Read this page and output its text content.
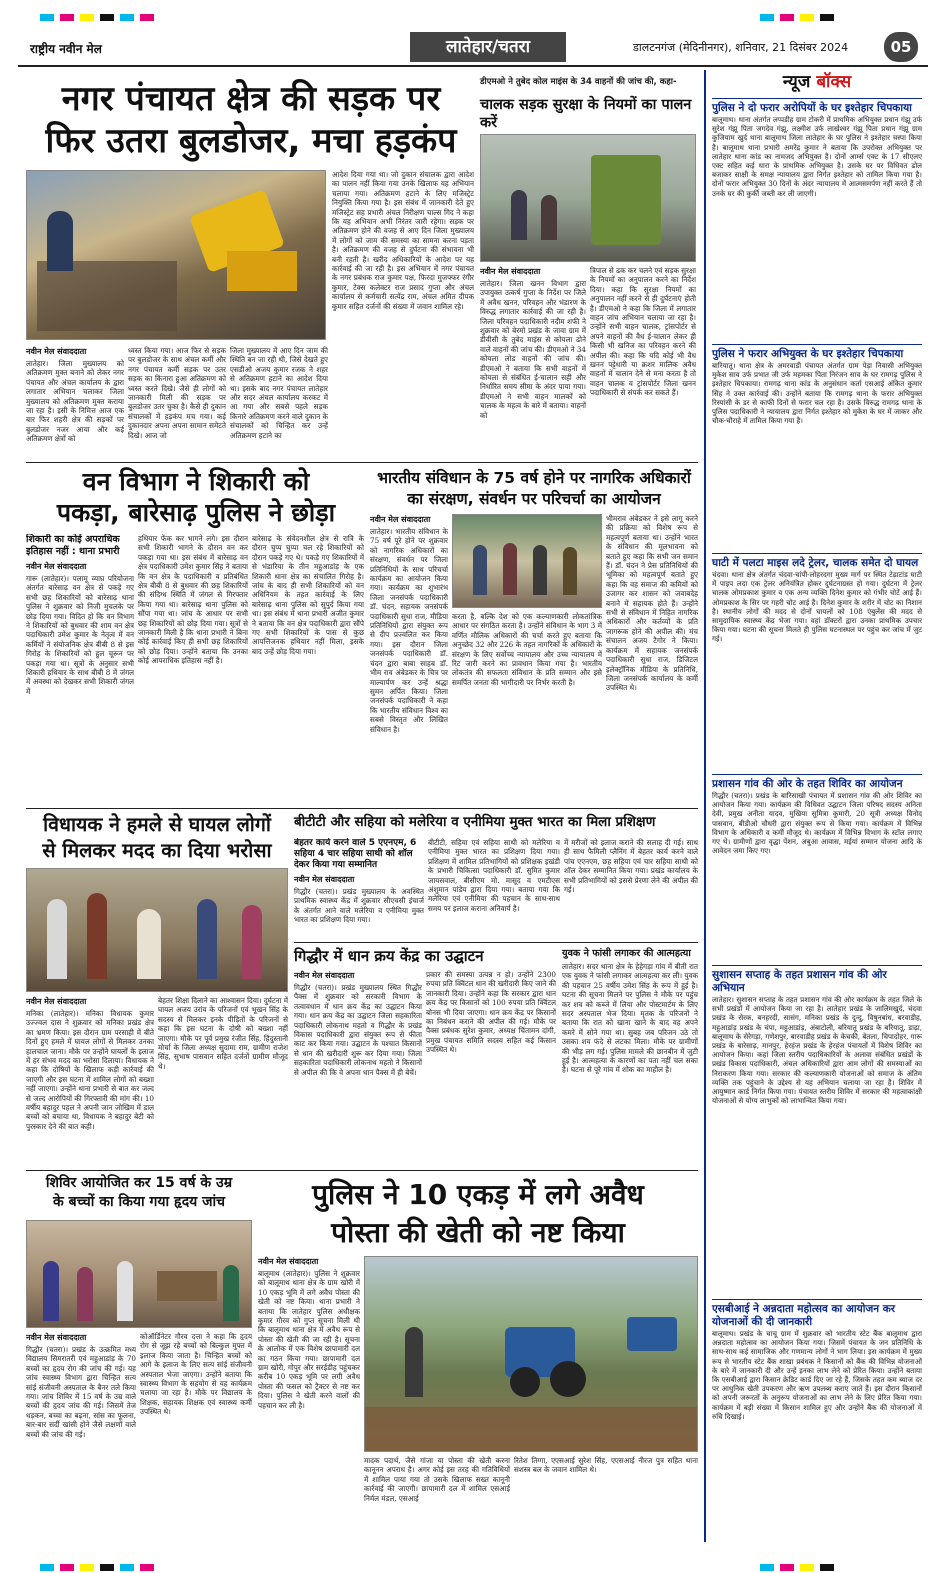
राष्ट्रीय नवीन मेल	लातेहार/चतरा	डालटनगंज (मेदिनीनगर), शनिवार, 21 दिसंबर 2024	05
नगर पंचायत क्षेत्र की सड़क पर
फिर उतरा बुलडोजर, मचा हड़कंप
नवीन मेल संवाददाता
लातेहार। जिला मुख्यालय को अतिक्रमण मुक्त बनाने को लेकर नगर पंचायत और अंचल कार्यालय के द्वारा लगातार अभियान चलाकर जिला मुख्यालय को अतिक्रमण मुक्त कराया जा रहा है। इसी के निमित्त आज एक बार फिर शहरी क्षेत्र की सड़कों पर बुलडोजर नजर आया और कई अतिक्रमण क्षेत्रों को
ध्वस्त किया गया। आज फिर से सड़क पर बुलडोजर के साथ अंचल कर्मी और नगर पंचायत कर्मी सड़क पर उतर सड़क का किनारा हुआ अतिक्रमण को ध्वस्त करते दिखे। जैसे ही लोगों को जानकारी मिली की सड़क पर बुलडोजर उतर चुका है। कैसे ही दुकान संचालकों में हड़कंप मच गया। कई दुकानदार अपना अपना सामान समेटते दिखे। आज जो
जिला मुख्यालय में आए दिन जाम की स्थिति बन जा रही थी, जिसे देखते हुए एसडीओ अजय कुमार रजक ने शहर से अतिक्रमण हटाने का आदेश दिया था। इसके बाद नगर पंचायत लातेहार और सदर अंचल कार्यालय करकट में आ गया और सबसे पहले सड़क किनारे अतिक्रमण करने वाले दुकान के संचालकों को चिन्हित कर उन्हें अतिक्रमण हटाने का
आदेश दिया गया था। जो दुकान संचालक द्वारा आदेश का पालन नहीं किया गया उनके खिलाफ यह अभियान चलाया गया। अतिक्रमण हटाने के लिए मजिस्ट्रेट नियुक्ति किया गया है। इस संबंध में जानकारी देते हुए मजिस्ट्रेट सह प्रभारी अंचल निरीक्षण चाल्स गिद ने कहा कि यह अभियान अभी निरंतर जारी रहेगा। सड़क पर अतिक्रमण होने की वजह से आए दिन जिला मुख्यालय में लोगों को जाम की समस्या का सामना करना पड़ता है। अतिक्रमण की वजह से दुर्घटना की संभावना भी बनी रहती है। खरीद अधिकारियों के आदेश पर यह कार्रवाई की जा रही है। इस अभियान में नगर पंचायत के नगर प्रबंधक राज कुमार पक्ष, फिरदा मुजफ्फर रंगीर कुमार, टेक्स कलेक्टर राज प्रसाद गुप्ता और अंचल कार्यालय से कर्मचारी सत्येंद्र राम, अंचल अमित दीपक कुमार सहित दर्जनों की संख्या में जवान शामिल रहे।
डीएमओ ने तुबेद कोल माइंस के 34 वाहनों की जांच की, कहा-
चालक सड़क सुरक्षा के नियमों का पालन करें
नवीन मेल संवाददाता
लातेहार। जिला खनन विभाग द्वारा उपायुक्त उत्कर्ष गुप्ता के निर्देश पर जिले में अवैध खनन, परिवहन और भंडारण के विरुद्ध लगातार कार्रवाई की जा रही है। जिला परिवहन पदाधिकारी नदीम शफी ने शुक्रवार को बेरमो प्रखंड के जावा ग्राम में डीवीसी के तुबेद माइंस से कोयला ढोने वाले वाहनों की जांच की। डीएमओ ने 34 कोयला लोड वाहनों की जांच की। डीएमओ ने बताया कि सभी वाहनों में कोयला से संबंधित ई-चालान सही और निर्धारित समय सीमा के अंदर पाया गया। डीएमओ ने सभी वाहन मालकों को चालक के महत्व के बारे में बताया। वाहनों को
त्रिपाल से ढक कर चलने एवं सड़क सुरक्षा के नियमों का अनुपालन करने का निर्देश दिया। कहा कि सुरक्षा नियमों का अनुपालन नहीं करने से ही दुर्घटनाएं होती है। डीएमओ ने कहा कि जिला में लगातार वाहन जांच अभियान चलाया जा रहा है। उन्होंने सभी वाहन चालक, ट्रांसपोर्टर से अपने वाहनों की वैध ई-चालान लेकर ही किसी भी खनिज का परिवहन करने की अपील की। कहा कि यदि कोई भी वैध खनन पट्टेधारी या क्रशर मालिक अवैध वाहनों में चालान देने से मना करता है तो वाहन चालक व ट्रांसपोर्टर जिला खनन पदाधिकारी से संपर्क कर सकते हैं।
वन विभाग ने शिकारी को
पकड़ा, बारेसाढ़ पुलिस ने छोड़ा
शिकारी का कोई अपराधिक इतिहास नहीं : थाना प्रभारी
नवीन मेल संवाददाता
गारू (लातेहार)। पलामू व्याघ्र परियोजना अंतर्गत बारेसाढ़ वन क्षेत्र से पकड़े गए सभी छह शिकारियों को बारेसाढ़ थाना पुलिस ने शुक्रवार को निजी मुचलके पर छोड़ दिया गया। विदित हो कि वन विभाग ने शिकारियों को बुधवार की शाम वन क्षेत्र पदाधिकारी उमेश कुमार के नेतृत्व में वन कर्मियों ने संयोजनिक क्षेत्र बीबी 8 से इस गिरोह के शिकारियों को हुल चूरून पर पकड़ा गया था। सूत्रों के अनुसार सभी शिकारी हथियार के साथ बीबी 8 में जंगल में अवस्था को देखकर सभी शिकारी जंगल में
हथियार फेंक कर भागने लगे। इस दौरान सभी शिकारी भागने के दौरान वन कर पकड़ा गया था। इस संबंध में बारेसाढ़ वन क्षेत्र पदाधिकारी उमेश कुमार सिंह ने बताया कि वन क्षेत्र के पदाधिकारी व प्रतिबंधित क्षेत्र बीबी 8 से बुधवार की छह शिकारियों की संदिग्ध स्थिति में जंगल से गिरफ्तार किया गया था। बारेसाढ़ थाना पुलिस को सौंपा गया था। जांच के आधार पर सभी छह शिकारियों को छोड़ दिया गया। सूत्रों से जानकारी मिली है कि थाना प्रभारी ने बिना कोई कार्रवाई किए ही सभी छह शिकारियों को छोड़ दिया। उन्होंने बताया कि उनका कोई आपराधिक इतिहास नहीं है।
बारेसाढ़ के संवेदनशील क्षेत्र से रात्रि के दौरान चुप्प चुप्पा चल रहे शिकारियों को दौरान पकड़े गए थे। पकड़े गए शिकारियों में से भंडारिया के तीन महुआडांड़ के एक शिकारी थाना क्षेत्र का संचालित गिरोह है। जांच के बाद ही सभी शिकारियों को वन अधिनियम के तहत कार्रवाई के लिए बारेसाढ़ थाना पुलिस को सुपुर्द किया गया था। इस संबंध में थाना प्रभारी अजीत कुमार ने बताया कि वन क्षेत्र पदाधिकारी द्वारा सौंपे गए सभी शिकारियों के पास से कुछ आपत्तिजनक हथियार नहीं मिला, इसके बाद उन्हें छोड़ दिया गया।
भारतीय संविधान के 75 वर्ष होने पर नागरिक अधिकारों
का संरक्षण, संवर्धन पर परिचर्चा का आयोजन
नवीन मेल संवाददाता
लातेहार। भारतीय संविधान के 75 वर्ष पूरे होने पर शुक्रवार को नागरिक अधिकारों का संरक्षण, संवर्धन पर जिला प्रतिनिधियों के साथ परिचर्चा कार्यक्रम का आयोजन किया गया। कार्यक्रम का शुभारंभ जिला जनसंपर्क पदाधिकारी डॉ. चंदन, सहायक जनसंपर्क पदाधिकारी सुधा राज, मीडिया प्रतिनिधियों द्वारा संयुक्त रूप से दीप प्रज्वलित कर किया गया। इस दौरान जिला जनसंपर्क पदाधिकारी डॉ. चंदन द्वारा बाबा साहब डॉ. भीम राव अंबेडकर के चित्र पर माल्यार्पण कर उन्हें श्रद्धा सुमन अर्पित किया। जिला जनसंपर्क पदाधिकारी ने कहा कि भारतीय संविधान विश्व का सबसे विस्तृत और लिखित संविधान है।
करता है, बल्कि देश को एक कल्याणकारी लोकतांत्रिक आधार पर संगठित करता है। उन्होंने संविधान के भाग 3 में वर्णित मौलिक अधिकारों की चर्चा करते हुए बताया कि अनुच्छेद 32 और 226 के तहत नागरिकों के अधिकारों के संरक्षण के लिए सर्वोच्च न्यायालय और उच्च न्यायालय में रिट जारी करने का प्रावधान किया गया है। भारतीय लोकतंत्र की सफलता संविधान के प्रति सम्मान और इसे समर्पित जनता की भागीदारी पर निर्भर करती है।
भीमराव अंबेडकर ने इसे लागू करने की प्रक्रिया को विशेष रूप से महत्वपूर्ण बताया था। उन्होंने भारत के संविधान की मूलभावना को बताते हुए कहा कि सभी जन समान हैं। डॉ. चंदन ने प्रेस प्रतिनिधियों की भूमिका को महत्वपूर्ण बताते हुए कहा कि वह समाज की कमियों को उजागर कर शासन को जवाबदेह बनाने में सहायक होते हैं। उन्होंने सभी से संविधान में निहित नागरिक अधिकारों और कर्तव्यों के प्रति जागरूक होने की अपील की। मंच संचालन अजय टैगोर ने किया। कार्यक्रम में सहायक जनसंपर्क पदाधिकारी सुधा राज, डिजिटल इलेक्ट्रॉनिक मीडिया के प्रतिनिधि, जिला जनसंपर्क कार्यालय के कर्मी उपस्थित थे।
विधायक ने हमले से घायल लोगों
से मिलकर मदद का दिया भरोसा
नवीन मेल संवाददाता
मनिका (लातेहार)। मनिका विधायक कुमार उज्ज्वल दास ने शुक्रवार को मनिका प्रखंड क्षेत्र का भ्रमण किया। इस दौरान ग्राम परसाही में बीते दिनों हुए हमले में घायल लोगों से मिलकर उनका हालचाल जाना। मौके पर उन्होंने घायलों के इलाज में हर संभव मदद का भरोसा दिलाया। विधायक ने कहा कि दोषियों के खिलाफ कड़ी कार्रवाई की जाएगी और इस घटना में शामिल लोगों को बख्शा नहीं जाएगा। उन्होंने थाना प्रभारी से बात कर जल्द से जल्द आरोपियों की गिरफ्तारी की मांग की। 10 वर्षीय बहादुर पहल ने अपनी जान जोखिम में डाल बच्चों को बचाया था, विधायक ने बहादुर बेटी को पुरस्कार देने की बात कही।
बेहतर शिक्षा दिलाने का आश्वासन दिया। दुर्घटना में घायल अजय उरांव के परिजनों एवं भूखन सिंह के सदस्य से मिलकर इनके पीड़ितों के परिजनों से कहा कि इस घटना के दोषी को बख्शा नहीं जाएगा। मौके पर पूर्व प्रमुख रंजीत सिंह, हिंदुस्तानी मोर्चा के जिला अध्यक्ष सुदामा राम, ग्रामीण राजेश सिंह, सुभाष पासवान सहित दर्जनों ग्रामीण मौजूद थे।
बीटीटी और सहिया को मलेरिया व एनीमिया मुक्त भारत का मिला प्रशिक्षण
बेहतर कार्य करने वाले 5 एएनएम, 6 सहिया 4 चार सहिया साथी को शॉल देकर किया गया सम्मानित
नवीन मेल संवाददाता
गिद्धौर (चतरा)। प्रखंड मुख्यालय के अवस्थित प्राथमिक स्वास्थ्य केंद्र में शुक्रवार सीएचसी इंचार्ज के अंतर्गत आने वाले मलेरिया व एनीमिया मुक्त भारत का प्रशिक्षण दिया गया।
बीटीटी, सहिया एवं सहिया साथी को मलेरिया व एनीमिया मुक्त भारत का प्रशिक्षण दिया गया। प्रशिक्षण में शामिल प्रतिभागियों को प्रशिक्षक इखंडी के प्रभारी चिकित्सा पदाधिकारी डॉ. सुमित कुमार जायसवाल, बीसीएम मो. मासूद व एमटीएस अंशुमान पांडेय द्वारा दिया गया। बताया गया कि मलेरिया एवं एनीमिया की पहचान के साथ-साथ समय पर इलाज कराना अनिवार्य है।
में मरीजों को इलाज कराने की सलाह दी गई। साथ ही साथ फैमिली प्लैनिंग में बेहतर कार्य करने वाले पांच एएनएम, छह सहिया एवं चार सहिया साथी को शॉल देकर सम्मानित किया गया। प्रखंड कार्यालय के सभी प्रतिभागियों को इससे प्रेरणा लेने की अपील की गई।
गिद्धौर में धान क्रय केंद्र का उद्घाटन
नवीन मेल संवाददाता
गिद्धौर (चतरा)। प्रखंड मुख्यालय स्थित गिद्धौर पैक्स में शुक्रवार को सरकारी विभाग के तत्वावधान में धान क्रय केंद्र का उद्घाटन किया गया। धान क्रय केंद्र का उद्घाटन जिला सहकारिता पदाधिकारी लोकनाथ महतो व गिद्धौर के प्रखंड विकास पदाधिकारी द्वारा संयुक्त रूप से फीता काट कर किया गया। उद्घाटन के पश्चात किसानों से धान की खरीदारी शुरू कर दिया गया। जिला सहकारिता पदाधिकारी लोकनाथ महतो ने किसानों से अपील की कि वे अपना धान पैक्स में ही बेचें।
प्रकार की समस्या उत्पन्न न हो। उन्होंने 2300 रुपया प्रति क्विंटल धान की खरीदारी किए जाने की जानकारी दिया। उन्होंने कहा कि सरकार द्वारा धान क्रय केंद्र पर किसानों को 100 रुपया प्रति क्विंटल बोनस भी दिया जाएगा। धान क्रय केंद्र पर किसानों का निबंधन कराने की अपील की गई। मौके पर पैक्स प्रबंधक सुरेश कुमार, अध्यक्ष चिंतामन दांगी, प्रमुख पंचायत समिति सदस्य सहित कई किसान उपस्थित थे।
युवक ने फांसी लगाकर की आत्महत्या
लातेहार। सदर थाना क्षेत्र के हेहेगड़ा गांव में बीती रात एक युवक ने फांसी लगाकर आत्महत्या कर ली। युवक की पहचान 25 वर्षीय उमेश सिंह के रूप में हुई है। घटना की सूचना मिलने पर पुलिस ने मौके पर पहुंच कर शव को कब्जे में लिया और पोस्टमार्टम के लिए सदर अस्पताल भेज दिया। मृतक के परिजनों ने बताया कि रात को खाना खाने के बाद वह अपने कमरे में सोने गया था। सुबह जब परिजन उठे तो उसका शव फंदे से लटका मिला। मौके पर ग्रामीणों की भीड़ लग गई। पुलिस मामले की छानबीन में जुटी हुई है। आत्महत्या के कारणों का पता नहीं चल सका है। घटना से पूरे गांव में शोक का माहौल है।
शिविर आयोजित कर 15 वर्ष के उम्र
के बच्चों का किया गया हृदय जांच
नवीन मेल संवाददाता
गिद्धौर (चतरा)। प्रखंड के उत्क्रमित मध्य विद्यालय सिमरातरी एवं महुआडांड़ के 70 बच्चों का हृदय रोग की जांच की गई। यह जांच स्वास्थ्य विभाग द्वारा चिन्हित सत्य सांई संजीवनी अस्पताल के बैनर तले किया गया। जांच शिविर में 15 वर्ष के उम्र वाले बच्चों की हृदय जांच की गई। जिसमें तेज धड़कन, बच्चा का बढ़ना, सांस का फूलना, बार-बार सर्दी खांसी होने जैसे लक्षणों वाले बच्चों की जांच की गई।
कोऑर्डिनेटर गौरव दत्ता ने कहा कि हृदय रोग से जूझ रहे बच्चों को बिल्कुल मुफ्त में इलाज किया जाता है। चिन्हित बच्चों को आगे के इलाज के लिए सत्य सांई संजीवनी अस्पताल भेजा जाएगा। उन्होंने बताया कि स्वास्थ्य विभाग के सहयोग से यह कार्यक्रम चलाया जा रहा है। मौके पर विद्यालय के शिक्षक, सहायक शिक्षक एवं स्वास्थ्य कर्मी उपस्थित थे।
पुलिस ने 10 एकड़ में लगे अवैध
पोस्ता की खेती को नष्ट किया
नवीन मेल संवाददाता
बालूमाथ (लातेहार)। पुलिस ने शुक्रवार को बालूमाथ थाना क्षेत्र के ग्राम खोरी में 10 एकड़ भूमि में लगे अवैध पोस्ता की खेती को नष्ट किया। थाना प्रभारी ने बताया कि लातेहार पुलिस अधीक्षक कुमार गौरव को गुप्त सूचना मिली थी कि बालूमाथ थाना क्षेत्र में अवैध रूप से पोस्ता की खेती की जा रही है। सूचना के आलोक में एक विशेष छापामारी दल का गठन किया गया। छापामारी दल ग्राम खोरी, गोपुर और सरईडीह पहुंचकर करीब 10 एकड़ भूमि पर लगी अवैध पोस्ता की फसल को ट्रैक्टर से नष्ट कर दिया। पुलिस ने खेती करने वालों की पहचान कर ली है।
मादक पदार्थ, जैसे गांजा या पोस्ता की खेती करना कानूनन अपराध है। अगर कोई इस तरह की गतिविधियों में शामिल पाया गया तो उसके खिलाफ सख्त कानूनी कार्रवाई की जाएगी। छापामारी दल में शामिल एसआई निर्मल मंडल, एसआई
रितेश तिग्गा, एएसआई सुरेश सिंह, एएसआई नीरज पुत्र सहित थाना सशस्त्र बल के जवान शामिल थे।
न्यूज बॉक्स
पुलिस ने दो फरार अरोपियों के घर इश्तेहार चिपकाया
बालूमाथ। थाना अंतर्गत लप्पडीह ग्राम टोकरी में प्राथमिक अभियुक्त प्रधान गंझू उर्फ सुरेश गंझू पिता जगदेव गंझू, लक्ष्मीश उर्फ लाखेश्वर गंझू पिता प्रधान गंझू ग्राम कुजियाम खुर्द थाना बालूमाथ जिला लातेहार के घर पुलिस ने इश्तेहार चस्पा किया है। बालूमाथ थाना प्रभारी अमरेंद्र कुमार ने बताया कि उपरोक्त अभियुक्त पर लातेहार थाना कांड का नामजद अभियुक्त है। दोनों आर्म्स एक्ट के 17 सीएलए एक्ट सहित कई धारा के प्राथमिक अभियुक्त है। उसके घर पर विधिवत ढोल बजाकर साक्षी के समक्ष न्यायालय द्वारा निर्गत इश्तेहार को तामिल किया गया है। दोनों फरार अभियुक्त 30 दिनों के अंदर न्यायालय में आत्मसमर्पण नहीं करते हैं तो उनके घर की कुर्की जब्ती कर ली जाएगी।
पुलिस ने फरार अभियुक्त के घर इश्तेहार चिपकाया
बारियातू। थाना क्षेत्र के अमरवाडी पंचायत अंतर्गत ग्राम पेड़ा निवासी अभियुक्त मुकेश साव उर्फ प्रभात जी उर्फ महमका पिता निरंजन साव के घर रामगढ़ पुलिस ने इश्तेहार चिपकाया। रामगढ़ थाना कांड के अनुसंधान कर्ता एसआई अंकित कुमार सिंह ने उक्त कार्रवाई की। उन्होंने बताया कि रामगढ़ थाना के फरार अभियुक्त रिस्पांसी के डर से काफी दिनों से फरार चल रहा है। उसके विरुद्ध रामगढ़ थाना के पुलिस पदाधिकारी ने न्यायालय द्वारा निर्गत इश्तेहार को मुकेश के घर में जाकर और चौक-चौराहे में तामिल किया गया है।
घाटी में पलटा माइस लदे ट्रेलर, चालक समेत दो घायल
चंदवा। थाना क्षेत्र अंतर्गत चंदवा-चांपी-लोहरदगा मुख्य मार्ग पर स्थित टेढ़ाटांड घाटी में पाइप लदा एक ट्रेलर अनियंत्रित होकर दुर्घटनाग्रस्त हो गया। दुर्घटना में ट्रेलर चालक ओमप्रकाश कुमार व एक अन्य व्यक्ति दिनेश कुमार को गंभीर चोटें आई हैं। ओमप्रकाश के सिर पर गहरी चोट आई है। दिनेश कुमार के शरीर में चोट का निशान है। स्थानीय लोगों की मदद से दोनों घायलों को 108 एंबुलेंस की मदद से सामुदायिक स्वास्थ्य केंद्र भेजा गया। वहां डॉक्टरों द्वारा उनका प्राथमिक उपचार किया गया। घटना की सूचना मिलते ही पुलिस घटनास्थल पर पहुंच कर जांच में जुट गई।
प्रशासन गांव की ओर के तहत शिविर का आयोजन
गिद्धौर (चतरा)। प्रखंड के बारिसाखी पंचायत में प्रशासन गांव की ओर शिविर का आयोजन किया गया। कार्यक्रम की विधिवत उद्घाटन जिला परिषद सदस्य अनिता देवी, प्रमुख अनीता यादव, मुखिया सुमित्रा कुमारी, 20 सूत्री अध्यक्ष विनोद पासवान, बीडीओ चौधरी द्वारा संयुक्त रूप से किया गया। कार्यक्रम में विभिन्न विभाग के अधिकारी व कर्मी मौजूद थे। कार्यक्रम में विभिन्न विभाग के स्टॉल लगाए गए थे। ग्रामीणों द्वारा वृद्धा पेंशन, अबुआ आवास, मईयां सम्मान योजना आदि के आवेदन जमा किए गए।
सुशासन सप्ताह के तहत प्रशासन गांव की ओर अभियान
लातेहार। सुशासन सप्ताह के तहत प्रशासन गांव की ओर कार्यक्रम के तहत जिले के सभी प्रखंडों में आयोजन किया जा रहा है। लातेहार प्रखंड के जालिमखुर्द, चंदवा प्रखंड के सेरक, बनहरदी, सासंग, मनिका प्रखंड के दुन्दु, विषुनबांध, बरवाडीह, महुआडांड़ प्रखंड के चंपा, महुआडांड़, अंबाटोली, बरियातू प्रखंड के बरियातू, डाढ़ा, बालूमाथ के सेरेगड़ा, गणेशपुर, बारवाडीह प्रखंड के केचकी, बेतला, चिपादोहर, गारू प्रखंड के बारेसाढ़, मानपुर, हेरहंज प्रखंड के हेरहंज पंचायतों में विशेष शिविर का आयोजन किया। कहां जिला स्तरीय पदाधिकारियों के अलावा संबंधित प्रखंडों के प्रखंड विकास पदाधिकारी, अंचल अधिकारियों द्वारा आम लोगों की समस्याओं का निराकरण किया गया। सरकार की कल्याणकारी योजनाओं को समाज के अंतिम व्यक्ति तक पहुंचाने के उद्देश्य से यह अभियान चलाया जा रहा है। शिविर में आयुष्मान कार्ड निर्गत किया गया। पंचायत स्तरीय शिविर में सरकार की महत्वाकांक्षी योजनाओं से योग्य लाभुकों को लाभान्वित किया गया।
एसबीआई ने अन्नदाता महोत्सव का आयोजन कर योजनाओं की दी जानकारी
बालूमाथ। प्रखंड के चाचू ग्राम में शुक्रवार को भारतीय स्टेट बैंक बालूमाथ द्वारा अन्नदाता महोत्सव का आयोजन किया गया। जिसमें पंचायत के जन प्रतिनिधि के साथ-साथ कई सामाजिक और गणमान्य लोगों ने भाग लिया। इस कार्यक्रम में मुख्य रूप से भारतीय स्टेट बैंक शाखा प्रबंधक ने किसानों को बैंक की विभिन्न योजनाओं के बारे में जानकारी दी और उन्हें इनका लाभ लेने को प्रेरित किया। उन्होंने बताया कि एसबीआई द्वारा किसान क्रेडिट कार्ड दिए जा रहे हैं, जिसके तहत कम ब्याज दर पर आधुनिक खेती उपकरण और ऋण उपलब्ध कराए जाते हैं। इस दौरान किसानों को अपनी जरूरतों के अनुरूप योजनाओं का लाभ लेने के लिए प्रेरित किया गया। कार्यक्रम में बड़ी संख्या में किसान शामिल हुए और उन्होंने बैंक की योजनाओं में रुचि दिखाई।
